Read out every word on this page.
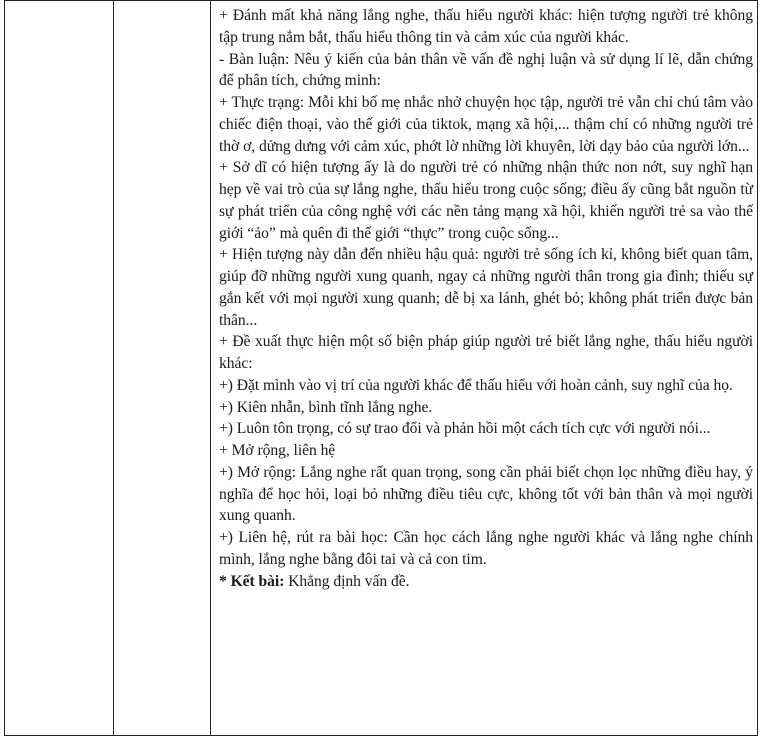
+ Đánh mất khả năng lắng nghe, thấu hiểu người khác: hiện tượng người trẻ không tập trung nắm bắt, thấu hiểu thông tin và cảm xúc của người khác.

- Bàn luận: Nêu ý kiến của bản thân về vấn đề nghị luận và sử dụng lí lẽ, dẫn chứng để phân tích, chứng minh:

+ Thực trạng: Mỗi khi bố mẹ nhắc nhở chuyện học tập, người trẻ vẫn chỉ chú tâm vào chiếc điện thoại, vào thế giới của tiktok, mạng xã hội,... thậm chí có những người trẻ thờ ơ, dửng dưng với cảm xúc, phớt lờ những lời khuyên, lời dạy bảo của người lớn...

+ Sở dĩ có hiện tượng ấy là do người trẻ có những nhận thức non nớt, suy nghĩ hạn hẹp về vai trò của sự lắng nghe, thấu hiểu trong cuộc sống; điều ấy cũng bắt nguồn từ sự phát triển của công nghệ với các nền tảng mạng xã hội, khiến người trẻ sa vào thế giới “ảo” mà quên đi thế giới “thực” trong cuộc sống...

+ Hiện tượng này dẫn đến nhiều hậu quả: người trẻ sống ích kỉ, không biết quan tâm, giúp đỡ những người xung quanh, ngay cả những người thân trong gia đình; thiếu sự gắn kết với mọi người xung quanh; dễ bị xa lánh, ghét bỏ; không phát triển được bản thân...

+ Đề xuất thực hiện một số biện pháp giúp người trẻ biết lắng nghe, thấu hiểu người khác:

+) Đặt mình vào vị trí của người khác để thấu hiểu với hoàn cảnh, suy nghĩ của họ.

+) Kiên nhẫn, bình tĩnh lắng nghe.

+) Luôn tôn trọng, có sự trao đổi và phản hồi một cách tích cực với người nói...

+ Mở rộng, liên hệ

+) Mở rộng: Lắng nghe rất quan trọng, song cần phải biết chọn lọc những điều hay, ý nghĩa để học hỏi, loại bỏ những điều tiêu cực, không tốt với bản thân và mọi người xung quanh.

+) Liên hệ, rút ra bài học: Cần học cách lắng nghe người khác và lắng nghe chính mình, lắng nghe bằng đôi tai và cả con tim.

* Kết bài: Khẳng định vấn đề.
